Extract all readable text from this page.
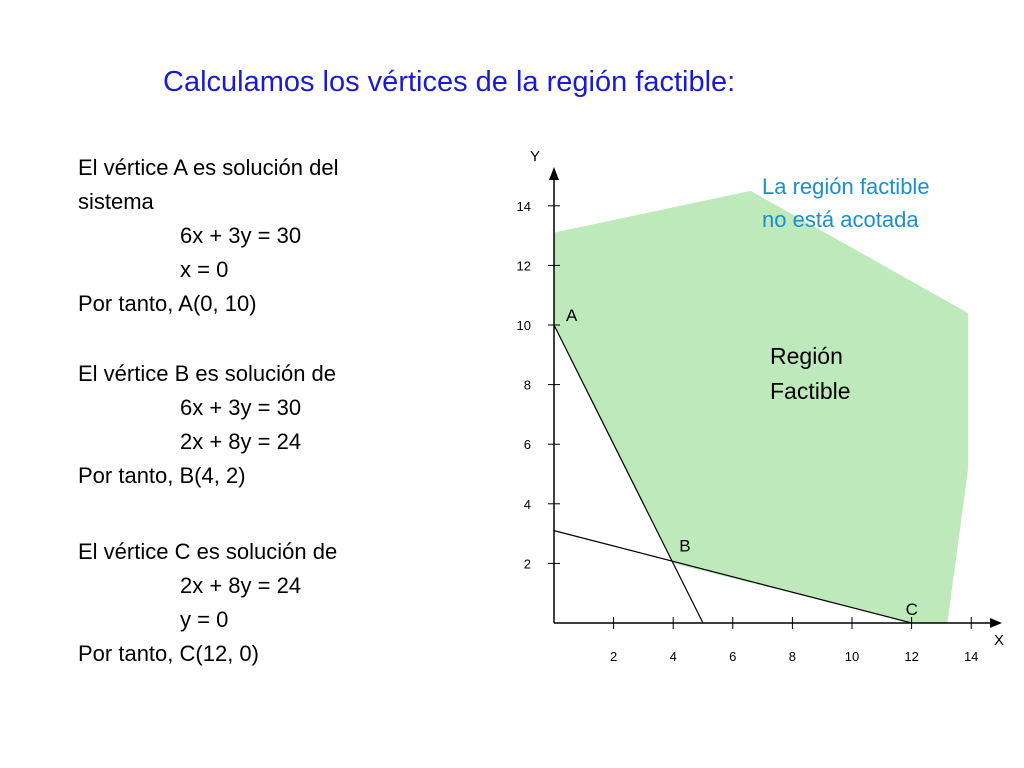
Calculamos los vértices de la región factible:
El vértice A es solución del
sistema
6x + 3y = 30
x = 0
Por tanto, A(0, 10)
El vértice B es solución de
6x + 3y = 30
2x + 8y = 24
Por tanto, B(4, 2)
El vértice C es solución de
2x + 8y = 24
y = 0
Por tanto, C(12, 0)
X
Y
2	4	6	8	10	12	14
2
4
6
8
10
12
14
A
B
C
Región
Factible
La región factible
no está acotada
